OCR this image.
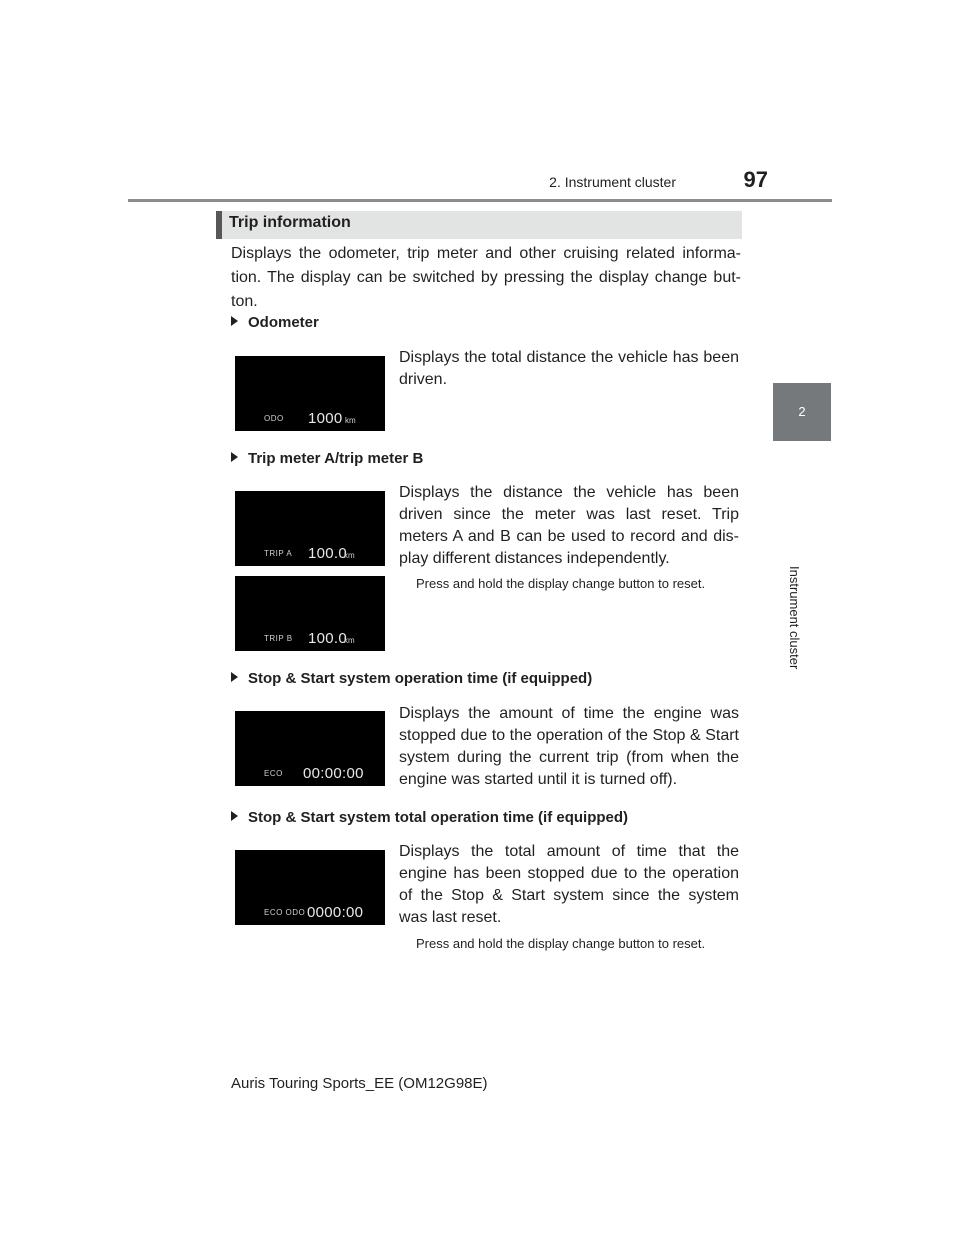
2. Instrument cluster	97
2
Instrument cluster
Trip information
Displays the odometer, trip meter and other cruising related informa-tion. The display can be switched by pressing the display change but-ton.
Odometer
ODO 1000 km
Displays the total distance the vehicle has been driven.
Trip meter A/trip meter B
TRIP A 100.0
km
TRIP B 100.0
km
Displays the distance the vehicle has been driven since the meter was last reset. Trip meters A and B can be used to record and dis-play different distances independently.
Press and hold the display change button to reset.
Stop & Start system operation time (if equipped)
ECO 00:00:00
Displays the amount of time the engine was stopped due to the operation of the Stop & Start system during the current trip (from when the engine was started until it is turned off).
Stop & Start system total operation time (if equipped)
ECO ODO 0000:00
Displays the total amount of time that the engine has been stopped due to the operation of the Stop & Start system since the system was last reset.
Press and hold the display change button to reset.
Auris Touring Sports_EE (OM12G98E)
